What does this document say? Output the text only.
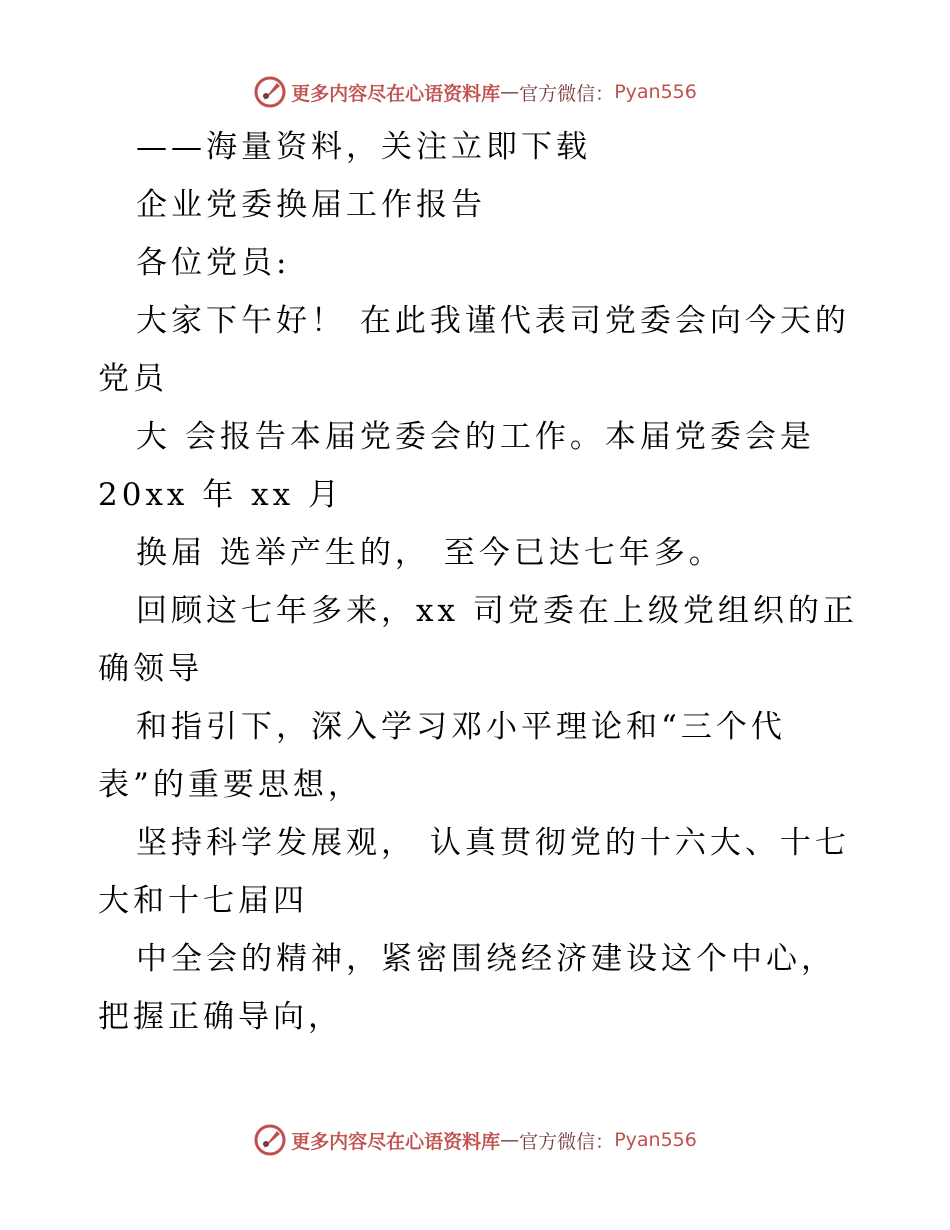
更多内容尽在心语资料库 — 官方微信： Pyan556

——海量资料，关注立即下载

企业党委换届工作报告

各位党员:

大家下午好！ 在此我谨代表司党委会向今天的党员

大 会报告本届党委会的工作。本届党委会是 20xx 年 xx 月

换届 选举产生的， 至今已达七年多。

回顾这七年多来，xx 司党委在上级党组织的正确领导

和指引下，深入学习邓小平理论和“三个代表”的重要思想，

坚持科学发展观， 认真贯彻党的十六大、十七大和十七届四

中全会的精神，紧密围绕经济建设这个中心，把握正确导向，

更多内容尽在心语资料库 — 官方微信： Pyan556
